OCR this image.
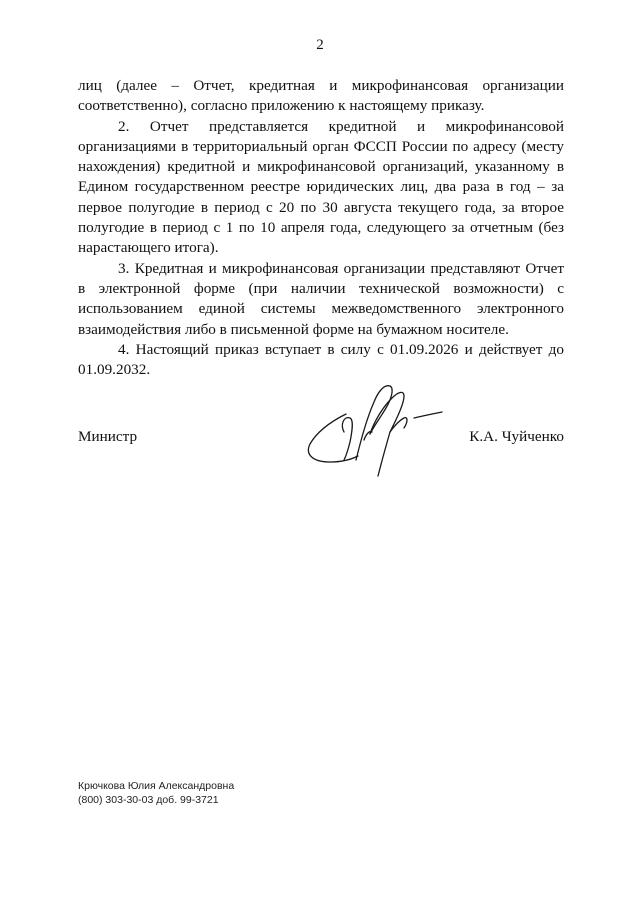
2

лиц (далее – Отчет, кредитная и микрофинансовая организации соответственно), согласно приложению к настоящему приказу.

2. Отчет представляется кредитной и микрофинансовой организациями в территориальный орган ФССП России по адресу (месту нахождения) кредитной и микрофинансовой организаций, указанному в Едином государственном реестре юридических лиц, два раза в год – за первое полугодие в период с 20 по 30 августа текущего года, за второе полугодие в период с 1 по 10 апреля года, следующего за отчетным (без нарастающего итога).

3. Кредитная и микрофинансовая организации представляют Отчет в электронной форме (при наличии технической возможности) с использованием единой системы межведомственного электронного взаимодействия либо в письменной форме на бумажном носителе.

4. Настоящий приказ вступает в силу с 01.09.2026 и действует до 01.09.2032.

Министр	К.А. Чуйченко
Крючкова Юлия Александровна
(800) 303-30-03 доб. 99-3721
